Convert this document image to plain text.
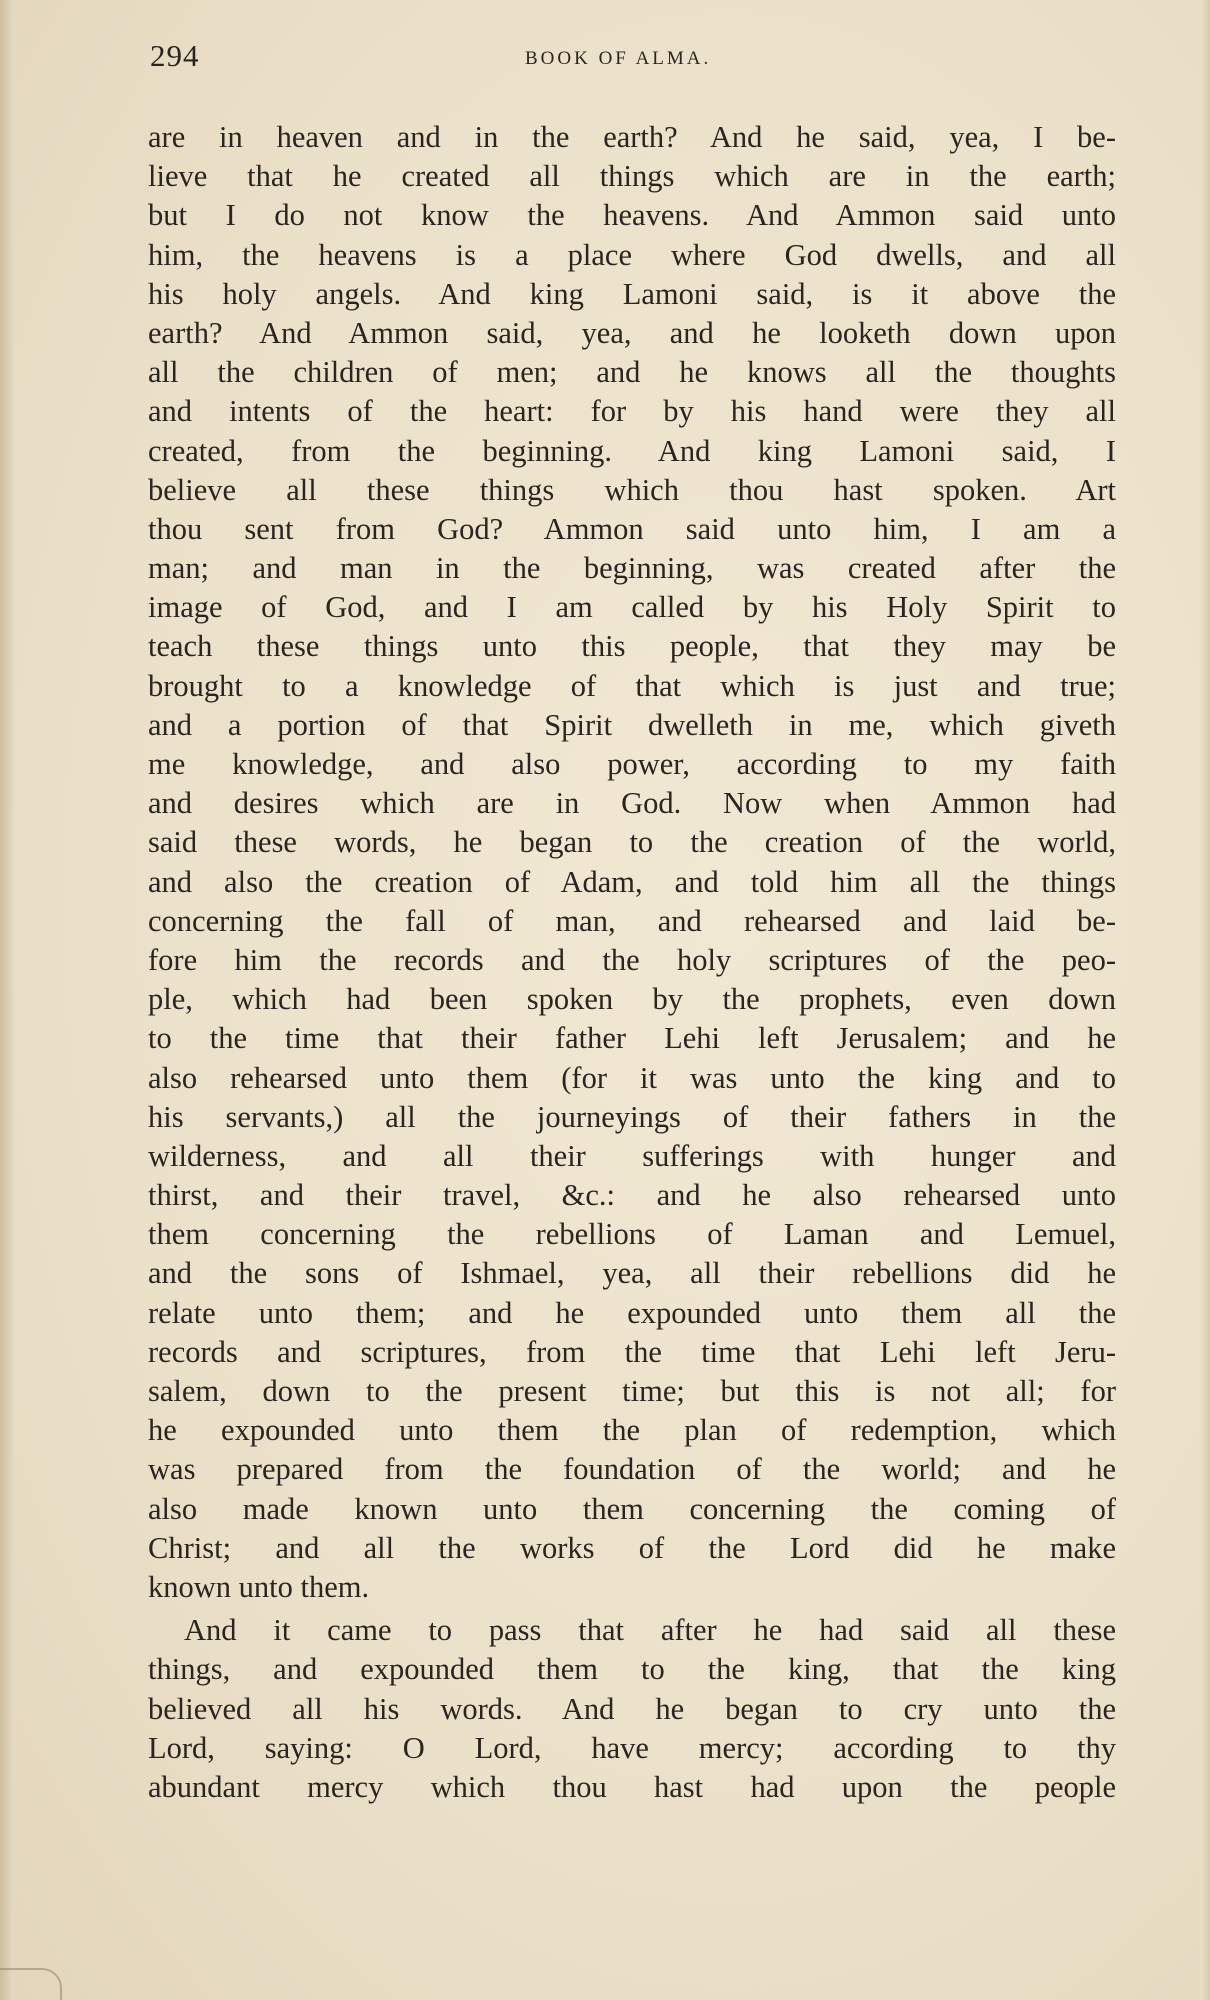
294	BOOK OF ALMA.
are in heaven and in the earth? And he said, yea, I be-
lieve that he created all things which are in the earth;
but I do not know the heavens. And Ammon said unto
him, the heavens is a place where God dwells, and all
his holy angels. And king Lamoni said, is it above the
earth? And Ammon said, yea, and he looketh down upon
all the children of men; and he knows all the thoughts
and intents of the heart: for by his hand were they all
created, from the beginning. And king Lamoni said, I
believe all these things which thou hast spoken. Art
thou sent from God? Ammon said unto him, I am a
man; and man in the beginning, was created after the
image of God, and I am called by his Holy Spirit to
teach these things unto this people, that they may be
brought to a knowledge of that which is just and true;
and a portion of that Spirit dwelleth in me, which giveth
me knowledge, and also power, according to my faith
and desires which are in God. Now when Ammon had
said these words, he began to the creation of the world,
and also the creation of Adam, and told him all the things
concerning the fall of man, and rehearsed and laid be-
fore him the records and the holy scriptures of the peo-
ple, which had been spoken by the prophets, even down
to the time that their father Lehi left Jerusalem; and he
also rehearsed unto them (for it was unto the king and to
his servants,) all the journeyings of their fathers in the
wilderness, and all their sufferings with hunger and
thirst, and their travel, &c.: and he also rehearsed unto
them concerning the rebellions of Laman and Lemuel,
and the sons of Ishmael, yea, all their rebellions did he
relate unto them; and he expounded unto them all the
records and scriptures, from the time that Lehi left Jeru-
salem, down to the present time; but this is not all; for
he expounded unto them the plan of redemption, which
was prepared from the foundation of the world; and he
also made known unto them concerning the coming of
Christ; and all the works of the Lord did he make
known unto them.
And it came to pass that after he had said all these
things, and expounded them to the king, that the king
believed all his words. And he began to cry unto the
Lord, saying: O Lord, have mercy; according to thy
abundant mercy which thou hast had upon the people
